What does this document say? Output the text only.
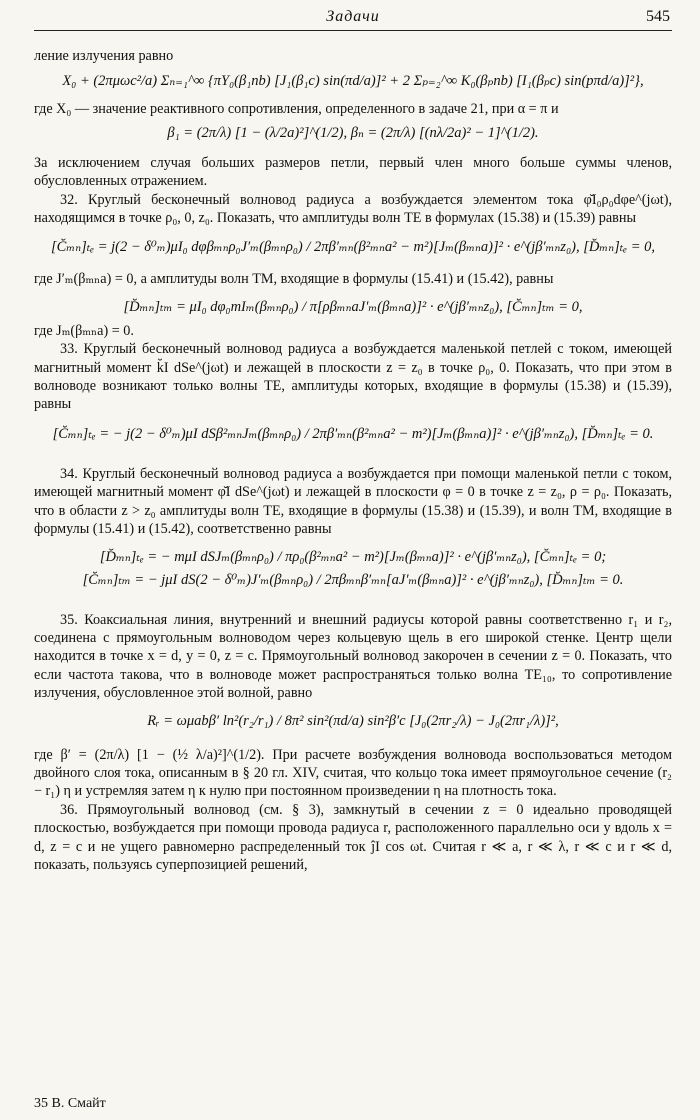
Задачи	545

ление излучения равно

X₀ + (2πμωc²/a) Σₙ₌₁^∞ {πY₀(β₁nb) [J₁(β₁c) sin(πd/a)]² + 2 Σₚ₌₂^∞ K₀(βₚnb) [I₁(βₚc) sin(pπd/a)]²},

где X₀ — значение реактивного сопротивления, определенного в задаче 21, при α = π и

β₁ = (2π/λ) [1 − (λ/2a)²]^(1/2), βₙ = (2π/λ) [(nλ/2a)² − 1]^(1/2).

За исключением случая больших размеров петли, первый член много больше суммы членов, обусловленных отражением.

32. Круглый бесконечный волновод радиуса a возбуждается элементом тока φ̆I₀ρ₀dφe^(jωt), находящимся в точке ρ₀, 0, z₀. Показать, что амплитуды волн TE в формулах (15.38) и (15.39) равны

[C̆ₘₙ]ₜₑ = j(2 − δ⁰ₘ)μI₀ dφβₘₙρ₀J′ₘ(βₘₙρ₀) / 2πβ′ₘₙ(β²ₘₙa² − m²)[Jₘ(βₘₙa)]² · e^(jβ′ₘₙz₀), [D̆ₘₙ]ₜₑ = 0,

где J′ₘ(βₘₙa) = 0, а амплитуды волн TM, входящие в формулы (15.41) и (15.42), равны

[D̆ₘₙ]ₜₘ = μI₀ dφ₀mIₘ(βₘₙρ₀) / π[ρβₘₙaJ′ₘ(βₘₙa)]² · e^(jβ′ₘₙz₀), [C̆ₘₙ]ₜₘ = 0,

где Jₘ(βₘₙa) = 0.

33. Круглый бесконечный волновод радиуса a возбуждается маленькой петлей с током, имеющей магнитный момент k̆I dSe^(jωt) и лежащей в плоскости z = z₀ в точке ρ₀, 0. Показать, что при этом в волноводе возникают только волны TE, амплитуды которых, входящие в формулы (15.38) и (15.39), равны

[C̆ₘₙ]ₜₑ = − j(2 − δ⁰ₘ)μI dSβ²ₘₙJₘ(βₘₙρ₀) / 2πβ′ₘₙ(β²ₘₙa² − m²)[Jₘ(βₘₙa)]² · e^(jβ′ₘₙz₀), [D̆ₘₙ]ₜₑ = 0.

34. Круглый бесконечный волновод радиуса a возбуждается при помощи маленькой петли с током, имеющей магнитный момент φ̆I dSe^(jωt) и лежащей в плоскости φ = 0 в точке z = z₀, ρ = ρ₀. Показать, что в области z > z₀ амплитуды волн TE, входящие в формулы (15.38) и (15.39), и волн TM, входящие в формулы (15.41) и (15.42), соответственно равны

[D̆ₘₙ]ₜₑ = − mμI dSJₘ(βₘₙρ₀) / πρ₀(β²ₘₙa² − m²)[Jₘ(βₘₙa)]² · e^(jβ′ₘₙz₀), [C̆ₘₙ]ₜₑ = 0;
[C̆ₘₙ]ₜₘ = − jμI dS(2 − δ⁰ₘ)J′ₘ(βₘₙρ₀) / 2πβₘₙβ′ₘₙ[aJ′ₘ(βₘₙa)]² · e^(jβ′ₘₙz₀), [D̆ₘₙ]ₜₘ = 0.

35. Коаксиальная линия, внутренний и внешний радиусы которой равны соответственно r₁ и r₂, соединена с прямоугольным волноводом через кольцевую щель в его широкой стенке. Центр щели находится в точке x = d, y = 0, z = c. Прямоугольный волновод закорочен в сечении z = 0. Показать, что если частота такова, что в волноводе может распространяться только волна TE₁₀, то сопротивление излучения, обусловленное этой волной, равно

Rᵣ = ωμabβ′ ln²(r₂/r₁) / 8π² sin²(πd/a) sin²β′c [J₀(2πr₂/λ) − J₀(2πr₁/λ)]²,

где β′ = (2π/λ) [1 − (½ λ/a)²]^(1/2). При расчете возбуждения волновода воспользоваться методом двойного слоя тока, описанным в § 20 гл. XIV, считая, что кольцо тока имеет прямоугольное сечение (r₂ − r₁) η и устремляя затем η к нулю при постоянном произведении η на плотность тока.

36. Прямоугольный волновод (см. § 3), замкнутый в сечении z = 0 идеально проводящей плоскостью, возбуждается при помощи провода радиуса r, расположенного параллельно оси y вдоль x = d, z = c и не ущего равномерно распределенный ток ĵI cos ωt. Считая r ≪ a, r ≪ λ, r ≪ c и r ≪ d, показать, пользуясь суперпозицией решений,

35 В. Смайт
